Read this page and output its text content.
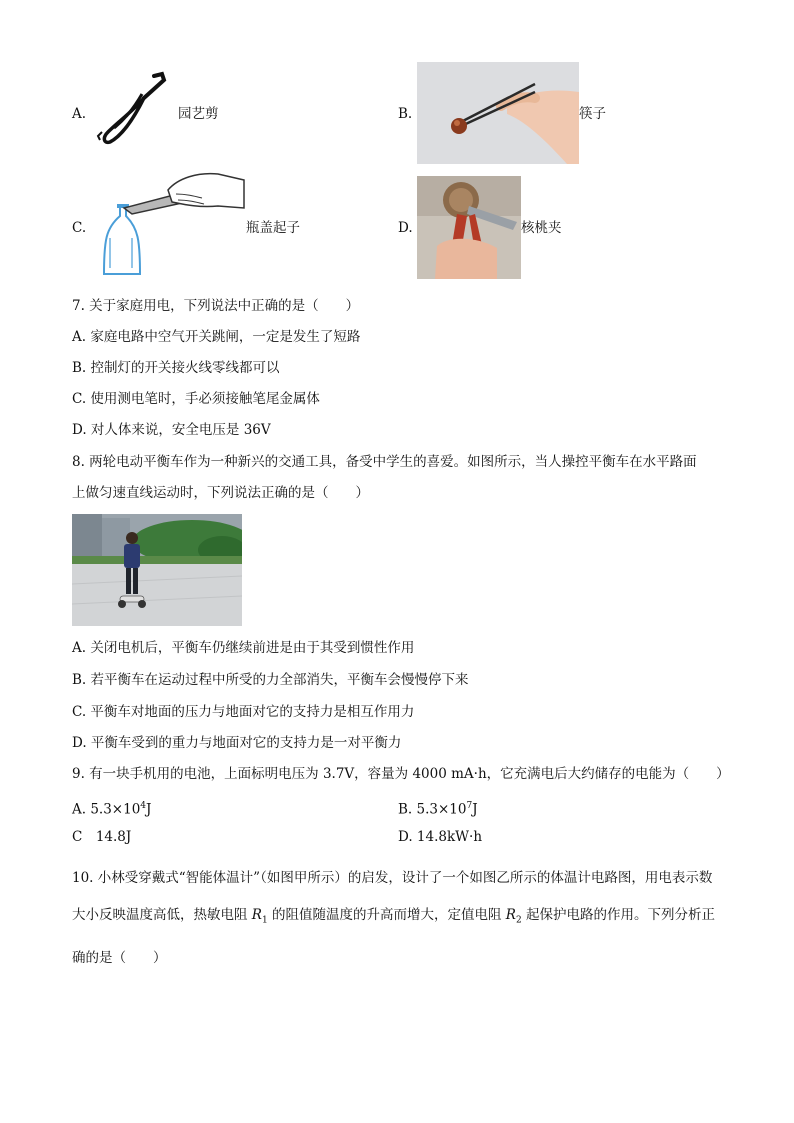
A.	园艺剪	B.	筷子
C.	瓶盖起子	D.	核桃夹
7. 关于家庭用电，下列说法中正确的是（　　）
A. 家庭电路中空气开关跳闸，一定是发生了短路
B. 控制灯的开关接火线零线都可以
C. 使用测电笔时，手必须接触笔尾金属体
D. 对人体来说，安全电压是 36V
8. 两轮电动平衡车作为一种新兴的交通工具，备受中学生的喜爱。如图所示，当人操控平衡车在水平路面
上做匀速直线运动时，下列说法正确的是（　　）
A. 关闭电机后，平衡车仍继续前进是由于其受到惯性作用
B. 若平衡车在运动过程中所受的力全部消失，平衡车会慢慢停下来
C. 平衡车对地面的压力与地面对它的支持力是相互作用力
D. 平衡车受到的重力与地面对它的支持力是一对平衡力
9. 有一块手机用的电池，上面标明电压为 3.7V，容量为 4000 mA·h，它充满电后大约储存的电能为（　　）
A. $5.3\times 10^4J$	B. $5.3\times 10^7J$
C　14.8J	D. 14.8kW·h
10. 小林受穿戴式“智能体温计”（如图甲所示）的启发，设计了一个如图乙所示的体温计电路图，用电表示数大小反映温度高低，热敏电阻 $R_1$ 的阻值随温度的升高而增大，定值电阻 $R_2$ 起保护电路的作用。下列分析正确的是（　　）
